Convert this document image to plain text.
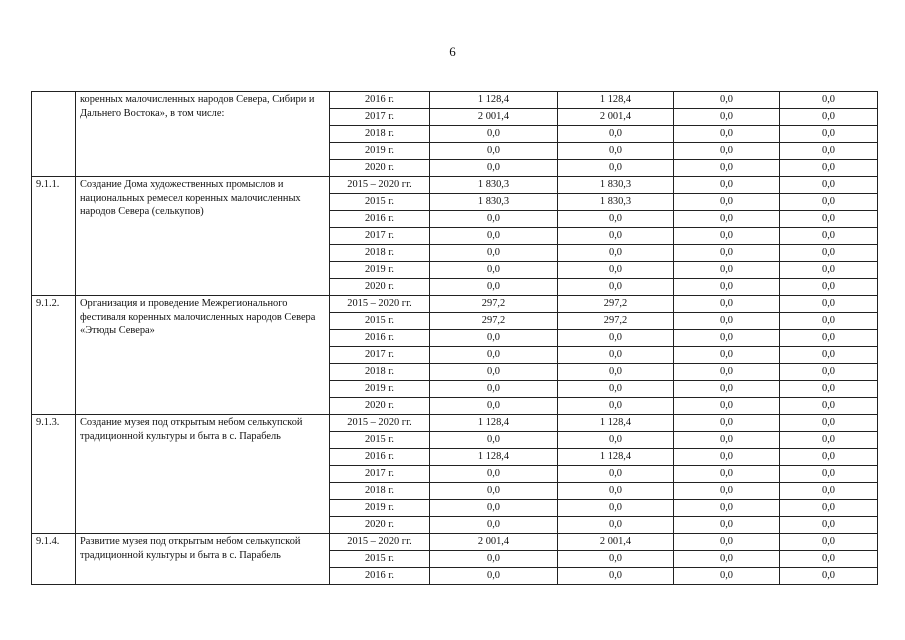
6
	коренных малочисленных народов Севера, Сибири и Дальнего Востока», в том числе:	2016 г.	1 128,4	1 128,4	0,0	0,0
		2017 г.	2 001,4	2 001,4	0,0	0,0
		2018 г.	0,0	0,0	0,0	0,0
		2019 г.	0,0	0,0	0,0	0,0
		2020 г.	0,0	0,0	0,0	0,0
9.1.1.	Создание Дома художественных промыслов и национальных ремесел коренных малочисленных народов Севера (селькупов)	2015 – 2020 гг.	1 830,3	1 830,3	0,0	0,0
		2015 г.	1 830,3	1 830,3	0,0	0,0
		2016 г.	0,0	0,0	0,0	0,0
		2017 г.	0,0	0,0	0,0	0,0
		2018 г.	0,0	0,0	0,0	0,0
		2019 г.	0,0	0,0	0,0	0,0
		2020 г.	0,0	0,0	0,0	0,0
9.1.2.	Организация и проведение Межрегионального фестиваля коренных малочисленных народов Севера «Этюды Севера»	2015 – 2020 гг.	297,2	297,2	0,0	0,0
		2015 г.	297,2	297,2	0,0	0,0
		2016 г.	0,0	0,0	0,0	0,0
		2017 г.	0,0	0,0	0,0	0,0
		2018 г.	0,0	0,0	0,0	0,0
		2019 г.	0,0	0,0	0,0	0,0
		2020 г.	0,0	0,0	0,0	0,0
9.1.3.	Создание музея под открытым небом селькупской традиционной культуры и быта в с. Парабель	2015 – 2020 гг.	1 128,4	1 128,4	0,0	0,0
		2015 г.	0,0	0,0	0,0	0,0
		2016 г.	1 128,4	1 128,4	0,0	0,0
		2017 г.	0,0	0,0	0,0	0,0
		2018 г.	0,0	0,0	0,0	0,0
		2019 г.	0,0	0,0	0,0	0,0
		2020 г.	0,0	0,0	0,0	0,0
9.1.4.	Развитие музея под открытым небом селькупской традиционной культуры и быта в с. Парабель	2015 – 2020 гг.	2 001,4	2 001,4	0,0	0,0
		2015 г.	0,0	0,0	0,0	0,0
		2016 г.	0,0	0,0	0,0	0,0
